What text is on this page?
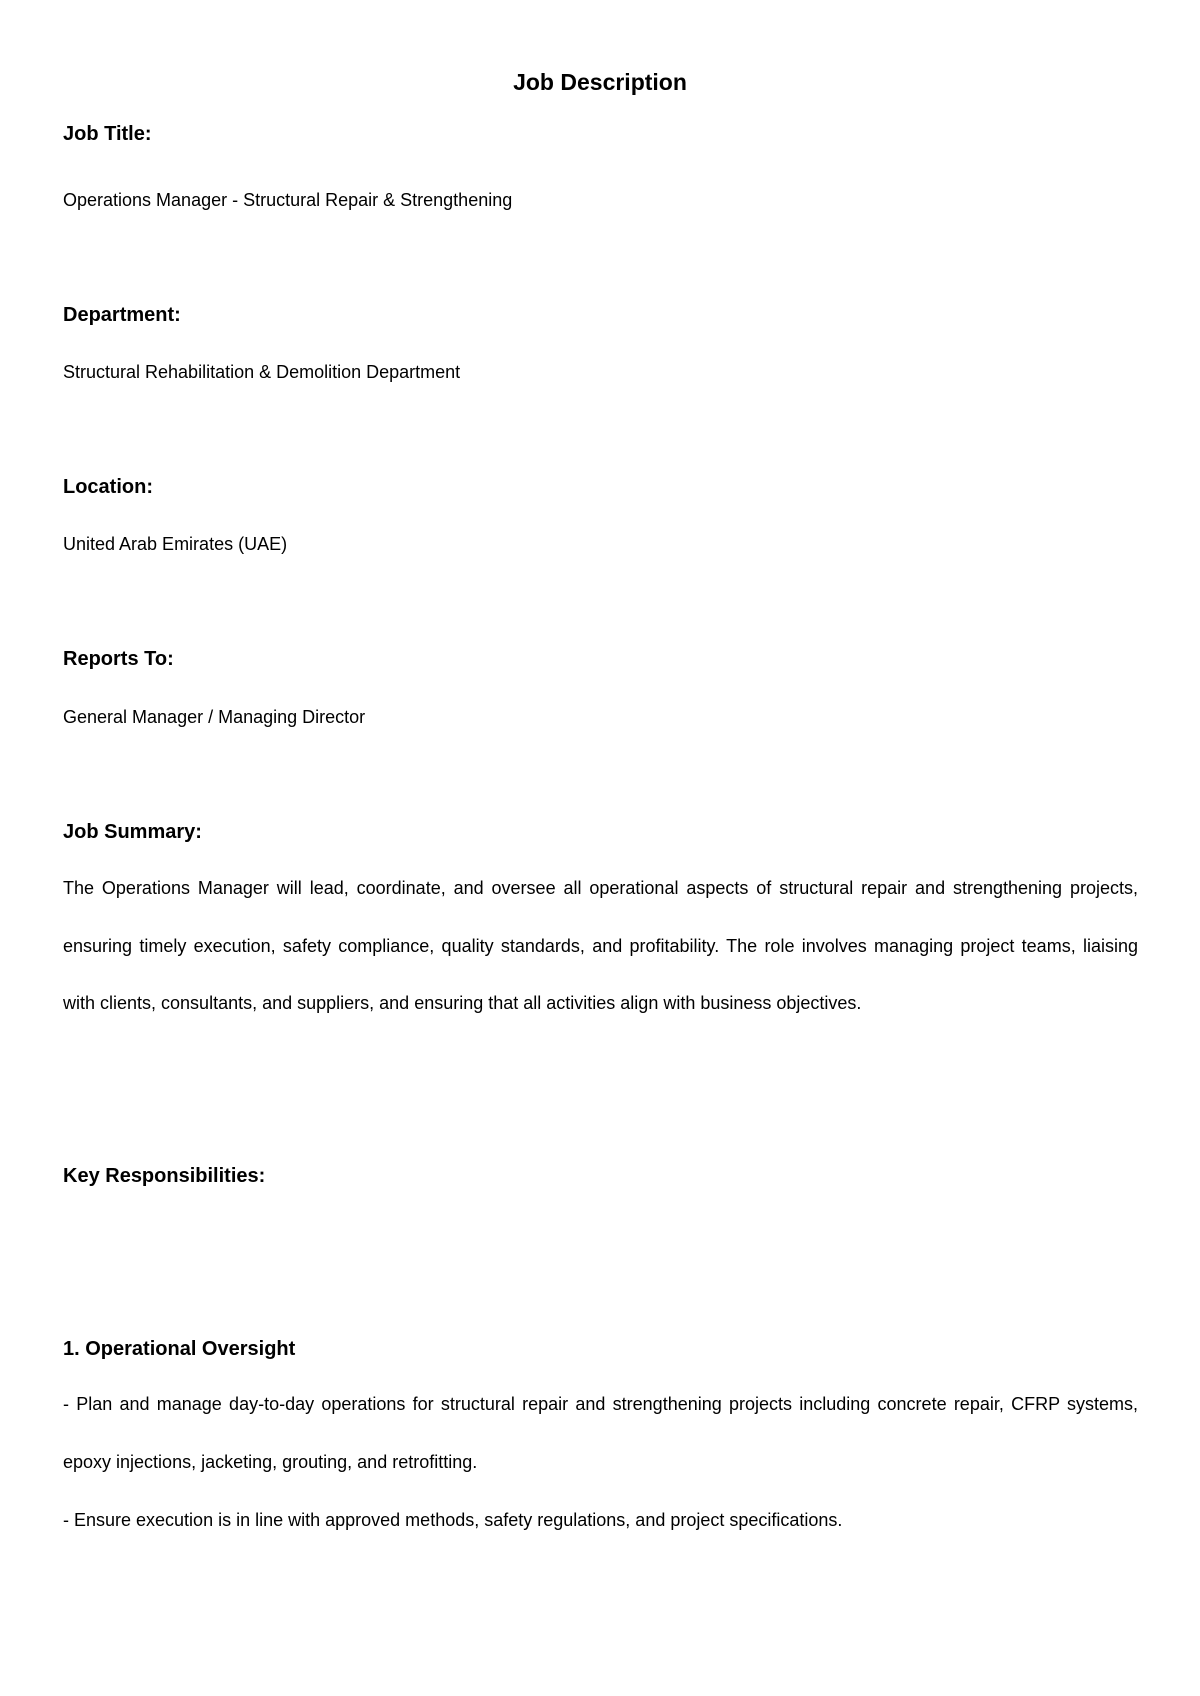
Job Description
Job Title:
Operations Manager - Structural Repair & Strengthening
Department:
Structural Rehabilitation & Demolition Department
Location:
United Arab Emirates (UAE)
Reports To:
General Manager / Managing Director
Job Summary:

The Operations Manager will lead, coordinate, and oversee all operational aspects of structural repair and strengthening projects, ensuring timely execution, safety compliance, quality standards, and profitability. The role involves managing project teams, liaising with clients, consultants, and suppliers, and ensuring that all activities align with business objectives.

Key Responsibilities:
1. Operational Oversight

- Plan and manage day-to-day operations for structural repair and strengthening projects including concrete repair, CFRP systems, epoxy injections, jacketing, grouting, and retrofitting.

- Ensure execution is in line with approved methods, safety regulations, and project specifications.
